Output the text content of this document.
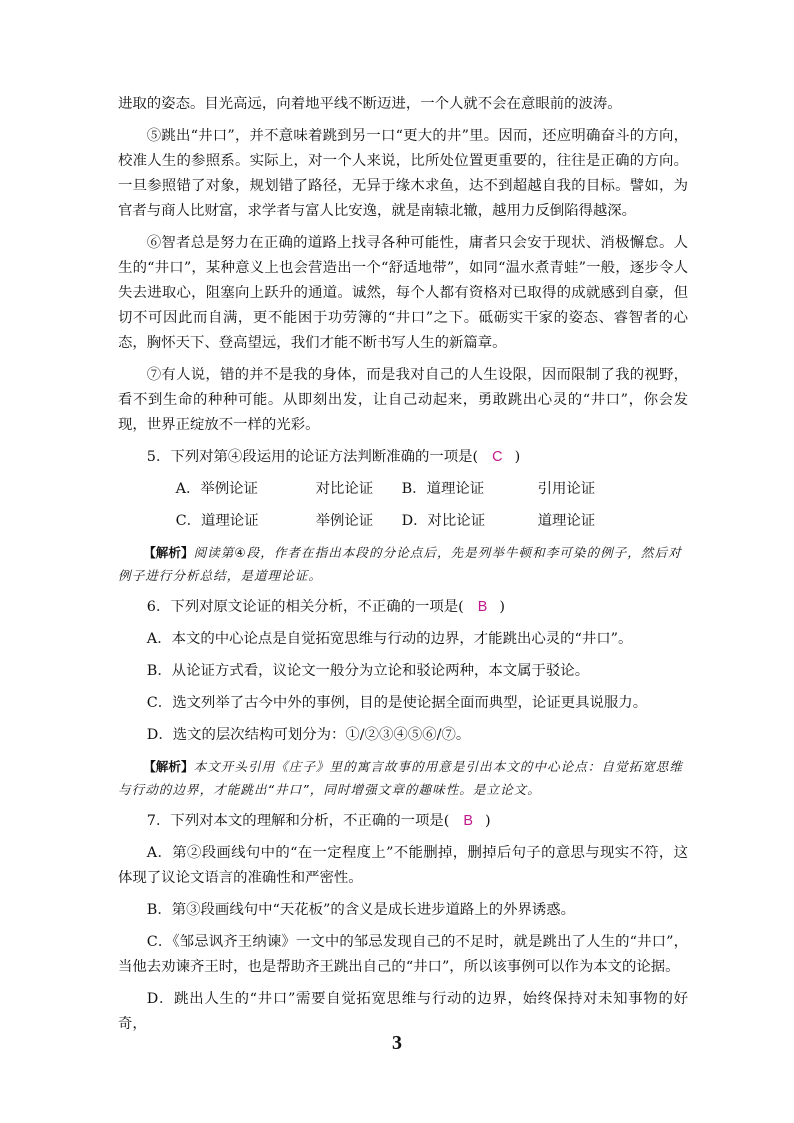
进取的姿态。目光高远，向着地平线不断迈进，一个人就不会在意眼前的波涛。

⑤跳出“井口”，并不意味着跳到另一口“更大的井”里。因而，还应明确奋斗的方向，校准人生的参照系。实际上，对一个人来说，比所处位置更重要的，往往是正确的方向。一旦参照错了对象，规划错了路径，无异于缘木求鱼，达不到超越自我的目标。譬如，为官者与商人比财富，求学者与富人比安逸，就是南辕北辙，越用力反倒陷得越深。

⑥智者总是努力在正确的道路上找寻各种可能性，庸者只会安于现状、消极懈怠。人生的“井口”，某种意义上也会营造出一个“舒适地带”，如同“温水煮青蛙”一般，逐步令人失去进取心，阻塞向上跃升的通道。诚然，每个人都有资格对已取得的成就感到自豪，但切不可因此而自满，更不能困于功劳簿的“井口”之下。砥砺实干家的姿态、睿智者的心态，胸怀天下、登高望远，我们才能不断书写人生的新篇章。

⑦有人说，错的并不是我的身体，而是我对自己的人生设限，因而限制了我的视野，看不到生命的种种可能。从即刻出发，让自己动起来，勇敢跳出心灵的“井口”，你会发现，世界正绽放不一样的光彩。

5．下列对第④段运用的论证方法判断准确的一项是( C )

A．举例论证	对比论证 B．道理论证	引用论证

C．道理论证	举例论证 D．对比论证	道理论证

【解析】阅读第④段，作者在指出本段的分论点后，先是列举牛顿和李可染的例子，然后对例子进行分析总结，是道理论证。

6．下列对原文论证的相关分析，不正确的一项是( B )

A．本文的中心论点是自觉拓宽思维与行动的边界，才能跳出心灵的“井口”。

B．从论证方式看，议论文一般分为立论和驳论两种，本文属于驳论。

C．选文列举了古今中外的事例，目的是使论据全面而典型，论证更具说服力。

D．选文的层次结构可划分为：①/②③④⑤⑥/⑦。

【解析】本文开头引用《庄子》里的寓言故事的用意是引出本文的中心论点：自觉拓宽思维与行动的边界，才能跳出“井口”，同时增强文章的趣味性。是立论文。

7．下列对本文的理解和分析，不正确的一项是( B )

A．第②段画线句中的“在一定程度上”不能删掉，删掉后句子的意思与现实不符，这体现了议论文语言的准确性和严密性。

B．第③段画线句中“天花板”的含义是成长进步道路上的外界诱惑。

C．《邹忌讽齐王纳谏》一文中的邹忌发现自己的不足时，就是跳出了人生的“井口”，当他去劝谏齐王时，也是帮助齐王跳出自己的“井口”，所以该事例可以作为本文的论据。

D．跳出人生的“井口”需要自觉拓宽思维与行动的边界，始终保持对未知事物的好奇，

3
